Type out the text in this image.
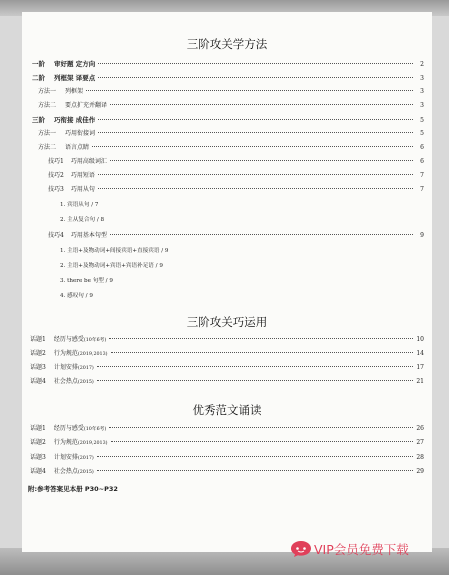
三阶攻关学方法
一阶 审好题 定方向	2
二阶 列框架 译要点	3
方法一 列框架	3
方法二 要点扩充并翻译	3
三阶 巧衔接 成佳作	5
方法一 巧用衔接词	5
方法二 语言点睛	6
技巧1 巧用高级词汇	6
技巧2 巧用短语	7
技巧3 巧用从句	7
1. 宾语从句 / 7
2. 主从复合句 / 8
技巧4 巧用基本句型	9
1. 主语+及物动词+间接宾语+直接宾语 / 9
2. 主语+及物动词+宾语+宾语补足语 / 9
3. there be 句型 / 9
4. 感叹句 / 9
三阶攻关巧运用
话题1 经历与感受(10年6考)	10
话题2 行为规范(2019,2013)	14
话题3 计划安排(2017)	17
话题4 社会热点(2015)	21
优秀范文诵读
话题1 经历与感受(10年6考)	26
话题2 行为规范(2019,2013)	27
话题3 计划安排(2017)	28
话题4 社会热点(2015)	29
附:参考答案见本册 P30~P32
VIP会员免费下载
